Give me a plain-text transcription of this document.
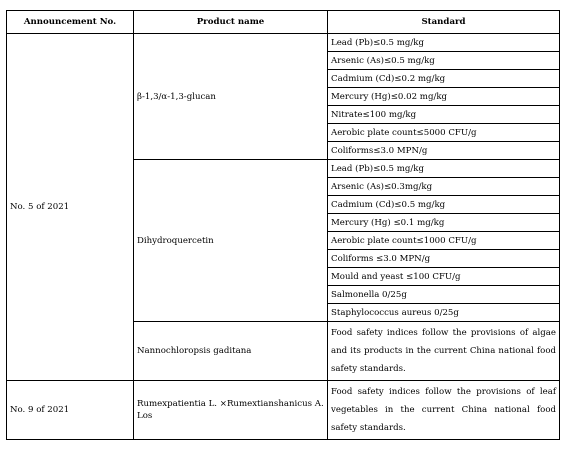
Announcement No.	Product name	Standard
No. 5 of 2021	β-1,3/α-1,3-glucan	Lead (Pb)≤0.5 mg/kg
		Arsenic (As)≤0.5 mg/kg
		Cadmium (Cd)≤0.2 mg/kg
		Mercury (Hg)≤0.02 mg/kg
		Nitrate≤100 mg/kg
		Aerobic plate count≤5000 CFU/g
		Coliforms≤3.0 MPN/g
	Dihydroquercetin	Lead (Pb)≤0.5 mg/kg
		Arsenic (As)≤0.3mg/kg
		Cadmium (Cd)≤0.5 mg/kg
		Mercury (Hg) ≤0.1 mg/kg
		Aerobic plate count≤1000 CFU/g
		Coliforms ≤3.0 MPN/g
		Mould and yeast ≤100 CFU/g
		Salmonella 0/25g
		Staphylococcus aureus 0/25g
	Nannochloropsis gaditana	Food safety indices follow the provisions of algae and its products in the current China national food safety standards.
No. 9 of 2021	Rumexpatientia L. ×Rumextianshanicus A. Los	Food safety indices follow the provisions of leaf vegetables in the current China national food safety standards.
